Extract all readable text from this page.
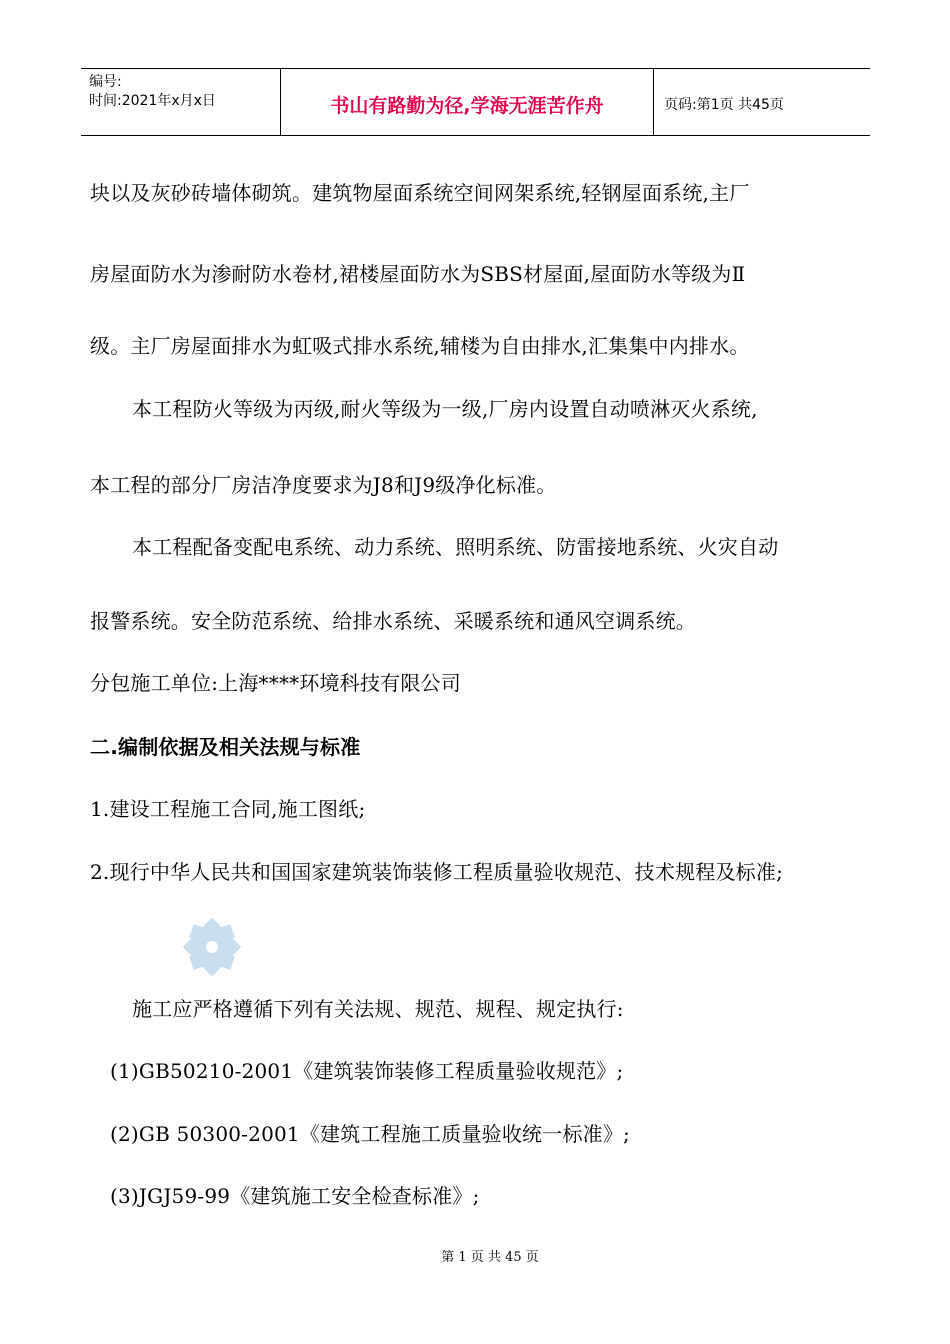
编号:
时间:2021年x月x日	书山有路勤为径,学海无涯苦作舟	页码:第1页 共45页
块以及灰砂砖墙体砌筑。建筑物屋面系统空间网架系统,轻钢屋面系统,主厂
房屋面防水为渗耐防水卷材,裙楼屋面防水为SBS材屋面,屋面防水等级为Ⅱ
级。主厂房屋面排水为虹吸式排水系统,辅楼为自由排水,汇集集中内排水。
本工程防火等级为丙级,耐火等级为一级,厂房内设置自动喷淋灭火系统,
本工程的部分厂房洁净度要求为J8和J9级净化标准。
本工程配备变配电系统、动力系统、照明系统、防雷接地系统、火灾自动
报警系统。安全防范系统、给排水系统、采暖系统和通风空调系统。
分包施工单位:上海****环境科技有限公司
二.编制依据及相关法规与标准
1.建设工程施工合同,施工图纸;
2.现行中华人民共和国国家建筑装饰装修工程质量验收规范、技术规程及标准;
施工应严格遵循下列有关法规、规范、规程、规定执行:
(1)GB50210-2001《建筑装饰装修工程质量验收规范》;
(2)GB 50300-2001《建筑工程施工质量验收统一标准》;
(3)JGJ59-99《建筑施工安全检查标准》;
第 1 页 共 45 页
